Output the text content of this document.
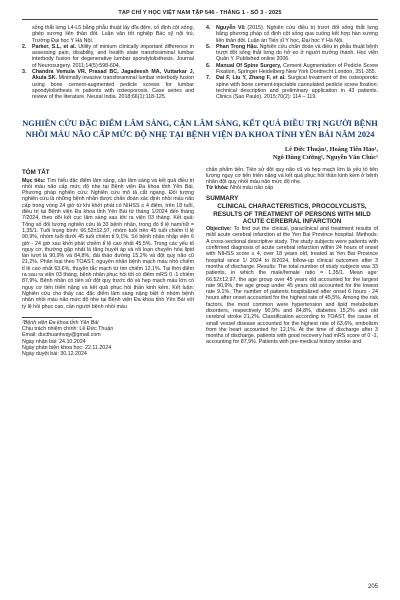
TẠP CHÍ Y HỌC VIỆT NAM TẬP 546 - THÁNG 1 - SỐ 3 - 2025

sống thắt lưng L4-L5 bằng phẫu thuật lấy đĩa đệm, cố định cột sống, ghép xương liên thân đốt. Luận văn tốt nghiệp Bác sỹ nội trú, Trường Đại học Y Hà Nội.

2.	Parker, S.L, et al. Utility of minium clinically important difference in assessing pain, disability, and health state transforaminal lumbar interbody fusion for degenerative lumbar spondylolisthesis. Journal of Neurosurgery. 2011;14(5):598-604.
3.	Chandra Vemula VR, Prasad BC, Jagadeesh MA, Vuttarkar J, Akula SK. Minimally invasive transforaminal lumbar interbody fusion using bone cement-augmented pedicle screws for lumbar spondylolisthesis in patients with osteoporosis. Case series and review of the literature. Neural India. 2018;66(1):118-125.
4.	Nguyễn Vũ (2015). Nghiên cứu điều trị trượt đốt sống thắt lưng bằng phương pháp cố định cột sống qua cuống kết hợp hàn xương liên thân đốt. Luận án Tiến sĩ Y học, Đại học Y Hà Nội.
5.	Phan Trọng Hậu. Nghiên cứu chẩn đoán và điều trị phẫu thuật bệnh trượt đốt sống thắt lưng do hở eo ở người trưởng thành. Học viện Quân Y. Published online 2006.
6.	Manual Of Spine Surgery, Cement Augmentation of Pedicle Screw Fixation, Springer Heidelberg New York Dordrecht London, 351-355.
7.	Dai F, Liu Y, Zhang F, et al. Surgical treatment of the osteoporotic spine with bone cement-injectable cannulated pedicle screw fixation: technical description and preliminary application in 43 patients. Clinics (Sao Paulo). 2015;70(2): 114 – 119.
NGHIÊN CỨU ĐẶC ĐIỂM LÂM SÀNG, CẬN LÂM SÀNG, KẾT QUẢ ĐIỀU TRỊ NGƯỜI BỆNH NHỒI MÁU NÃO CẤP MỨC ĐỘ NHẸ TẠI BỆNH VIỆN ĐA KHOA TỈNH YÊN BÁI NĂM 2024
Lê Đức Thuận¹, Hoàng Tiến Hảo¹,
Ngô Hùng Cường¹, Nguyễn Văn Chúc¹
TÓM TẮT

Mục tiêu: Tìm hiểu đặc điểm lâm sàng, cận lâm sàng và kết quả điều trị nhồi máu não cấp mức độ nhẹ tại Bệnh viện Đa khoa tỉnh Yên Bái. Phương pháp nghiên cứu: Nghiên cứu mô tả cắt ngang. Đối tượng nghiên cứu là những bệnh nhân được chẩn đoán xác định nhồi máu não cấp trong vòng 24 giờ từ khi khởi phát có NIHSS ≤ 4 điểm, trên 18 tuổi, điều trị tại Bệnh viện Đa khoa tỉnh Yên Bái từ tháng 1/2024 đến tháng 7/2024, theo dõi kết cục lâm sàng sau khi ra viện 03 tháng. Kết quả: Tổng số đối tượng nghiên cứu là 33 bệnh nhân, trong đó tỉ lệ nam/nữ = 1,35/1. Tuổi trung bình: 66,52±12,97, nhóm tuổi trên 45 tuổi chiếm tỉ lệ 90,9%, nhóm tuổi dưới 45 tuổi chiếm tỉ 9,1%. Số bệnh nhân nhập viện 6 giờ - 24 giờ sau khởi phát chiếm tỉ lệ cao nhất 45,5%. Trong các yếu tố nguy cơ, thường gặp nhất là tăng huyết áp và rối loạn chuyển hóa lipid lần lượt là 90,9% và 84,8%, đái tháo đường 15,2% và đột quỵ não cũ 21,2%. Phân loại theo TOAST, nguyên nhân bệnh mạch máu nhỏ chiếm tỉ lệ cao nhất 63,6%, thuyên tắc mạch từ tim chiếm 12,1%. Tại thời điểm ra sau ra viện 03 tháng, bệnh nhân phục hồi tốt có điểm mRS 0 -1 chiếm 87,9%. Bệnh nhân có tiền sử đột quỵ trước đó và hẹp mạch máu lớn có nguy cơ tiến triển nặng và kết quả phục hồi thần kinh kém. Kết luận: Nghiên cứu cho thấy các đặc điểm lâm sàng nặng biệt ở nhóm bệnh nhân nhồi máu não mức độ nhẹ tại Bệnh viện Đa khoa tỉnh Yên Bái với tỷ lệ hồi phục cao, cần người bệnh nhồi máu

¹Bệnh viện Đa khoa tỉnh Yên Bái
Chịu trách nhiệm chính: Lê Đức Thuận
Email: ducthuanhvqy@gmail.com
Ngày nhận bài: 24.10.2024
Ngày phản biện khoa học: 22.11.2024
Ngày duyệt bài: 30.12.2024

chẩn phẩm tiến. Tiền sử đột quỵ não cũ và hẹp mạch lớn là yếu tố tiên lượng nguy cơ tiến triển nặng và kết quả phục hồi thần kinh kém ở bệnh nhân đột quỵ nhồi máu não mức độ nhẹ.

Từ khóa: Nhồi máu não cấp

SUMMARY
CLINICAL CHARACTERISTICS, PROCOLYCLISTS, RESULTS OF TREATMENT OF PERSONS WITH MILD ACUTE CEREBRAL INFARCTION

Objective: To find out the clinical, paraclinical and treatment results of mild acute cerebral infarction at the Yen Bai Province hospital. Methods: A cross-sectional descriptive study. The study subjects were patients with confirmed diagnosis of acute cerebral infarction within 24 hours of onset with NIHSS score ≤ 4, over 18 years old, treated at Yen Bai Province hospital since 1/ 2024 to 8/2024, follow-up clinical outcomes after 3 months of discharge. Results: The total number of study subjects was 33 patients, in which the male/female ratio = 1,35/1. Mean age: 66.52±12.97, the age group over 45 years old accounted for the largest rate 90,9%, the age group under 45 years old accounted for the lowest rate 9.1%. The number of patients hospitalized after onset 6 hours - 24 hours after onset accounted for the highest rate of 45,5%. Among the risk factors, the most common were hypertension and lipid metabolism disorders, respectively 90,9% and 84,8%, diabetes 15,2% and old cerebral stroke 21,2%. Classification according to TOAST, the cause of small vessel disease accounted for the highest rate of 63,6%, embolism from the heart accounted for 12,1%. At the time of discharge after 3 months of discharge, patients with good recovery had mRS score of 0 -1, accounting for 87,9%. Patients with pre-medical history stroke and

205
